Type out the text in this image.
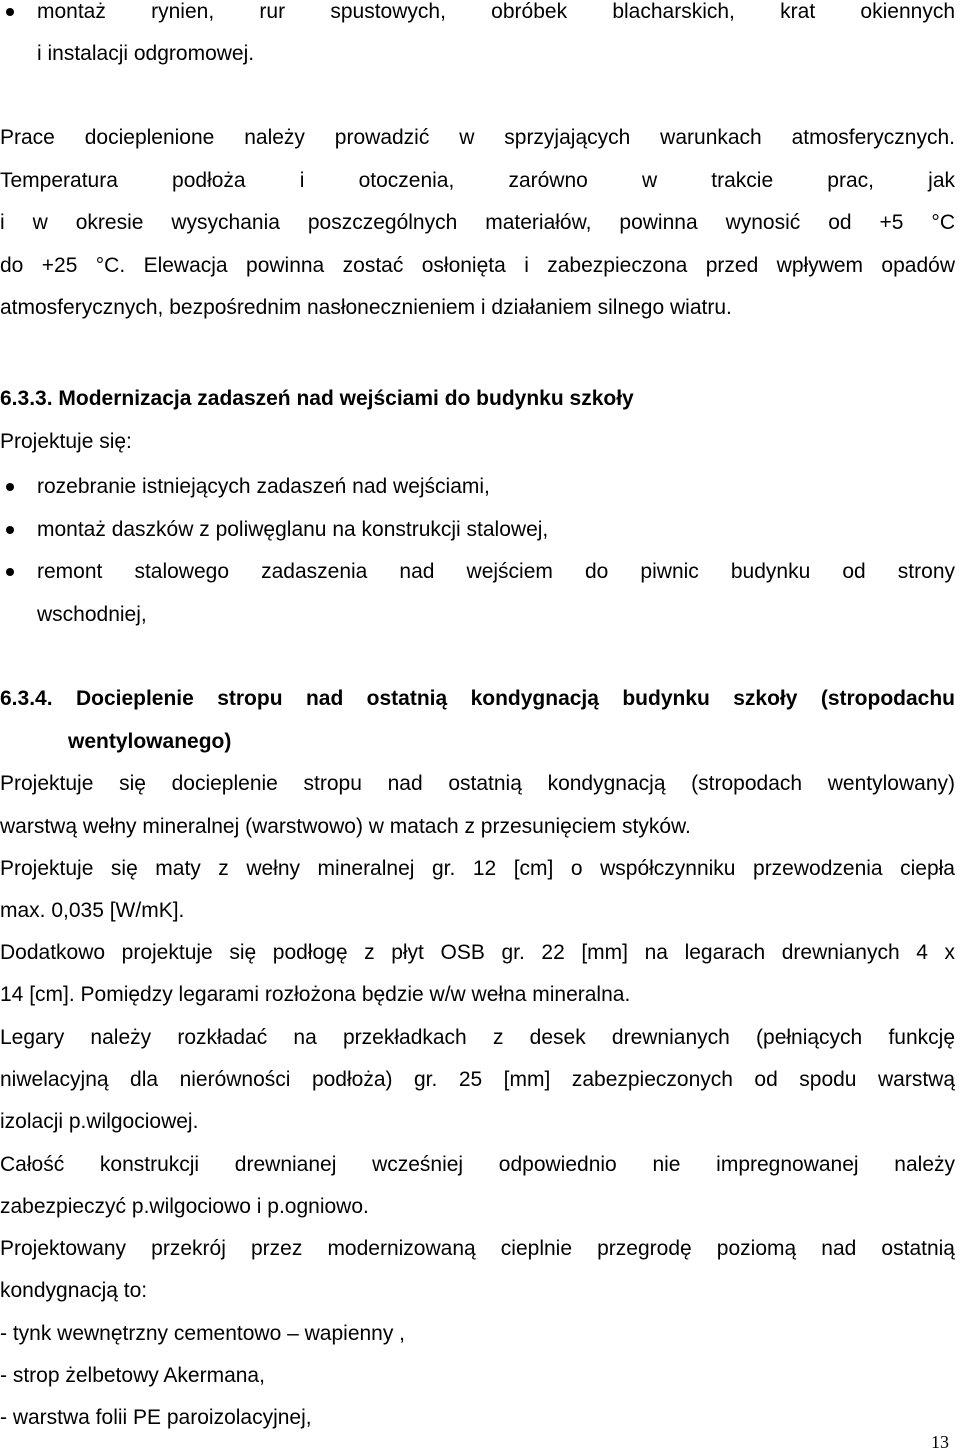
montaż rynien, rur spustowych, obróbek blacharskich, krat okiennych
i instalacji odgromowej.
Prace docieplenione należy prowadzić w sprzyjających warunkach atmosferycznych.
Temperatura podłoża i otoczenia, zarówno w trakcie prac, jak
i w okresie wysychania poszczególnych materiałów, powinna wynosić od +5 °C
do +25 °C. Elewacja powinna zostać osłonięta i zabezpieczona przed wpływem opadów
atmosferycznych, bezpośrednim nasłonecznieniem i działaniem silnego wiatru.
6.3.3. Modernizacja zadaszeń nad wejściami do budynku szkoły
Projektuje się:
rozebranie istniejących zadaszeń nad wejściami,
montaż daszków z poliwęglanu na konstrukcji stalowej,
remont stalowego zadaszenia nad wejściem do piwnic budynku od strony
wschodniej,
6.3.4. Docieplenie stropu nad ostatnią kondygnacją budynku szkoły (stropodachu
wentylowanego)
Projektuje się docieplenie stropu nad ostatnią kondygnacją (stropodach wentylowany)
warstwą wełny mineralnej (warstwowo) w matach z przesunięciem styków.
Projektuje się maty z wełny mineralnej gr. 12 [cm] o współczynniku przewodzenia ciepła
max. 0,035 [W/mK].
Dodatkowo projektuje się podłogę z płyt OSB gr. 22 [mm] na legarach drewnianych 4 x
14 [cm]. Pomiędzy legarami rozłożona będzie w/w wełna mineralna.
Legary należy rozkładać na przekładkach z desek drewnianych (pełniących funkcję
niwelacyjną dla nierówności podłoża) gr. 25 [mm] zabezpieczonych od spodu warstwą
izolacji p.wilgociowej.
Całość konstrukcji drewnianej wcześniej odpowiednio nie impregnowanej należy
zabezpieczyć p.wilgociowo i p.ogniowo.
Projektowany przekrój przez modernizowaną cieplnie przegrodę poziomą nad ostatnią
kondygnacją to:
- tynk wewnętrzny cementowo – wapienny ,
- strop żelbetowy Akermana,
- warstwa folii PE paroizolacyjnej,
13
